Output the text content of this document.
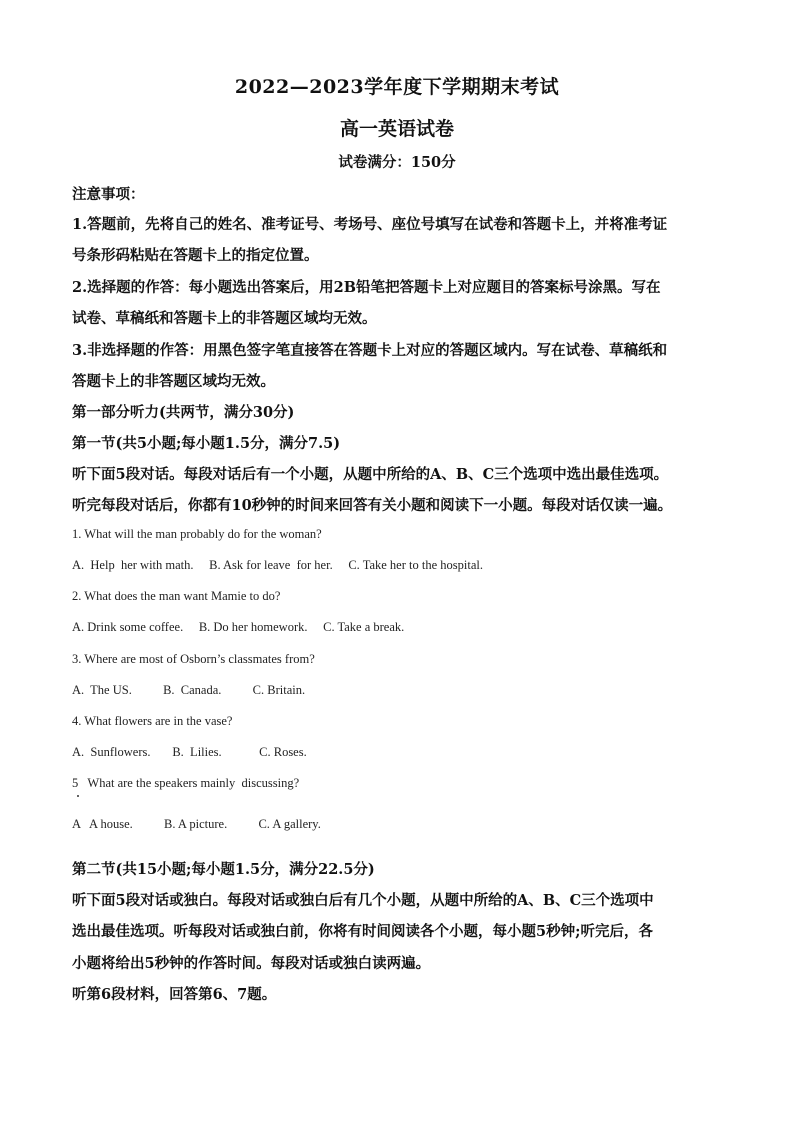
2022—2023学年度下学期期末考试
高一英语试卷
试卷满分：150分
注意事项：
1.答题前，先将自己的姓名、准考证号、考场号、座位号填写在试卷和答题卡上，并将准考证
号条形码粘贴在答题卡上的指定位置。
2.选择题的作答：每小题选出答案后，用2B铅笔把答题卡上对应题目的答案标号涂黑。写在
试卷、草稿纸和答题卡上的非答题区域均无效。
3.非选择题的作答：用黑色签字笔直接答在答题卡上对应的答题区域内。写在试卷、草稿纸和
答题卡上的非答题区域均无效。
第一部分听力(共两节，满分30分)
第一节(共5小题;每小题1.5分，满分7.5)
听下面5段对话。每段对话后有一个小题，从题中所给的A、B、C三个选项中选出最佳选项。
听完每段对话后，你都有10秒钟的时间来回答有关小题和阅读下一小题。每段对话仅读一遍。
1. What will the man probably do for the woman?
A.  Help  her with math.     B. Ask for leave  for her.     C. Take her to the hospital.
2. What does the man want Mamie to do?
A. Drink some coffee.     B. Do her homework.     C. Take a break.
3. Where are most of Osborn’s classmates from?
A.  The US.          B.  Canada.          C. Britain.
4. What flowers are in the vase?
A.  Sunflowers.       B.  Lilies.            C. Roses.
5   What are the speakers mainly  discussing?
A   A house.          B. A picture.          C. A gallery.
第二节(共15小题;每小题1.5分，满分22.5分)
听下面5段对话或独白。每段对话或独白后有几个小题，从题中所给的A、B、C三个选项中
选出最佳选项。听每段对话或独白前，你将有时间阅读各个小题，每小题5秒钟;听完后，各
小题将给出5秒钟的作答时间。每段对话或独白读两遍。
听第6段材料，回答第6、7题。
